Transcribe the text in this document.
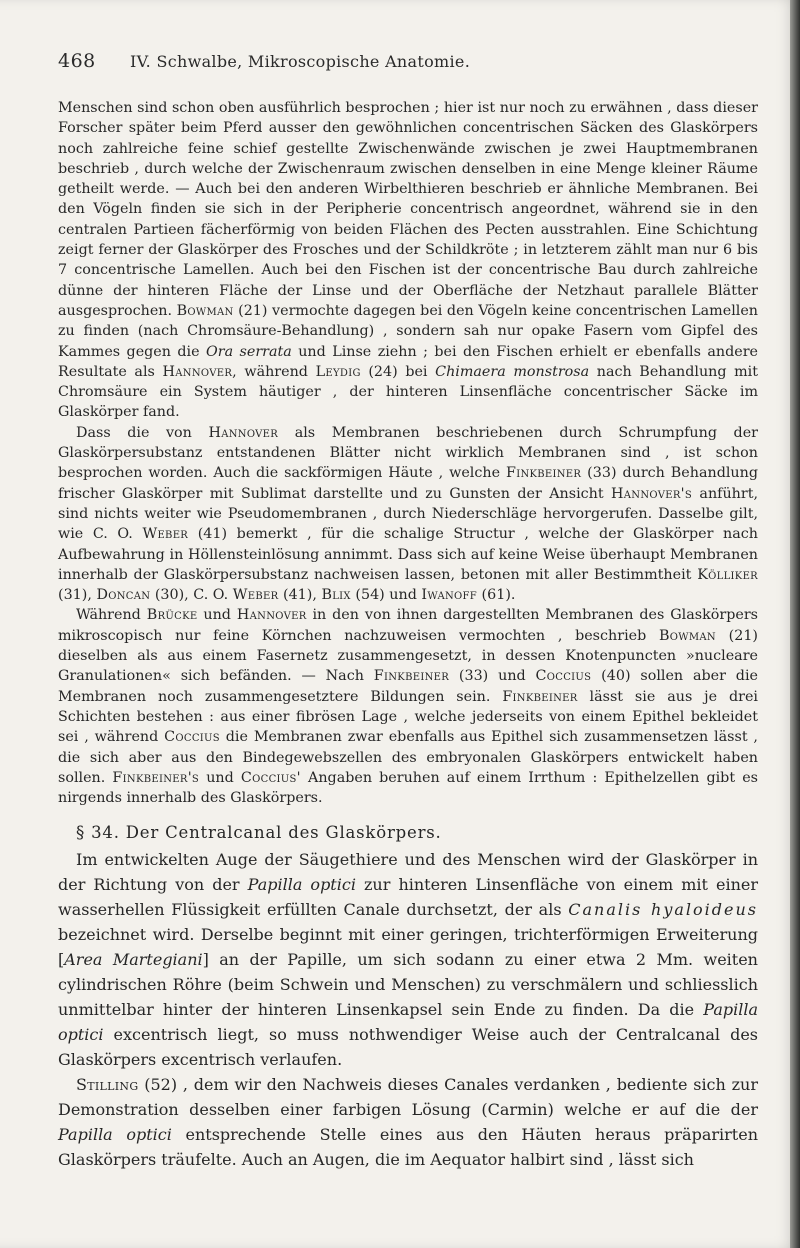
468 IV. Schwalbe, Mikroscopische Anatomie.

Menschen sind schon oben ausführlich besprochen ; hier ist nur noch zu erwähnen , dass dieser Forscher später beim Pferd ausser den gewöhnlichen concentrischen Säcken des Glaskörpers noch zahlreiche feine schief gestellte Zwischenwände zwischen je zwei Hauptmembranen beschrieb , durch welche der Zwischenraum zwischen denselben in eine Menge kleiner Räume getheilt werde. — Auch bei den anderen Wirbelthieren beschrieb er ähnliche Membranen. Bei den Vögeln finden sie sich in der Peripherie concentrisch angeordnet, während sie in den centralen Partieen fächerförmig von beiden Flächen des Pecten ausstrahlen. Eine Schichtung zeigt ferner der Glaskörper des Frosches und der Schildkröte ; in letzterem zählt man nur 6 bis 7 concentrische Lamellen. Auch bei den Fischen ist der concentrische Bau durch zahlreiche dünne der hinteren Fläche der Linse und der Oberfläche der Netzhaut parallele Blätter ausgesprochen. Bowman (21) vermochte dagegen bei den Vögeln keine concentrischen Lamellen zu finden (nach Chromsäure-Behandlung) , sondern sah nur opake Fasern vom Gipfel des Kammes gegen die Ora serrata und Linse ziehn ; bei den Fischen erhielt er ebenfalls andere Resultate als Hannover, während Leydig (24) bei Chimaera monstrosa nach Behandlung mit Chromsäure ein System häutiger , der hinteren Linsenfläche concentrischer Säcke im Glaskörper fand.

Dass die von Hannover als Membranen beschriebenen durch Schrumpfung der Glaskörpersubstanz entstandenen Blätter nicht wirklich Membranen sind , ist schon besprochen worden. Auch die sackförmigen Häute , welche Finkbeiner (33) durch Behandlung frischer Glaskörper mit Sublimat darstellte und zu Gunsten der Ansicht Hannover's anführt, sind nichts weiter wie Pseudomembranen , durch Niederschläge hervorgerufen. Dasselbe gilt, wie C. O. Weber (41) bemerkt , für die schalige Structur , welche der Glaskörper nach Aufbewahrung in Höllensteinlösung annimmt. Dass sich auf keine Weise überhaupt Membranen innerhalb der Glaskörpersubstanz nachweisen lassen, betonen mit aller Bestimmtheit Kölliker (31), Doncan (30), C. O. Weber (41), Blix (54) und Iwanoff (61).

Während Brücke und Hannover in den von ihnen dargestellten Membranen des Glaskörpers mikroscopisch nur feine Körnchen nachzuweisen vermochten , beschrieb Bowman (21) dieselben als aus einem Fasernetz zusammengesetzt, in dessen Knotenpuncten »nucleare Granulationen« sich befänden. — Nach Finkbeiner (33) und Coccius (40) sollen aber die Membranen noch zusammengesetztere Bildungen sein. Finkbeiner lässt sie aus je drei Schichten bestehen : aus einer fibrösen Lage , welche jederseits von einem Epithel bekleidet sei , während Coccius die Membranen zwar ebenfalls aus Epithel sich zusammensetzen lässt , die sich aber aus den Bindegewebszellen des embryonalen Glaskörpers entwickelt haben sollen. Finkbeiner's und Coccius' Angaben beruhen auf einem Irrthum : Epithelzellen gibt es nirgends innerhalb des Glaskörpers.

§ 34. Der Centralcanal des Glaskörpers.

Im entwickelten Auge der Säugethiere und des Menschen wird der Glaskörper in der Richtung von der Papilla optici zur hinteren Linsenfläche von einem mit einer wasserhellen Flüssigkeit erfüllten Canale durchsetzt, der als Canalis hyaloideus bezeichnet wird. Derselbe beginnt mit einer geringen, trichterförmigen Erweiterung [Area Martegiani] an der Papille, um sich sodann zu einer etwa 2 Mm. weiten cylindrischen Röhre (beim Schwein und Menschen) zu verschmälern und schliesslich unmittelbar hinter der hinteren Linsenkapsel sein Ende zu finden. Da die Papilla optici excentrisch liegt, so muss nothwendiger Weise auch der Centralcanal des Glaskörpers excentrisch verlaufen.

Stilling (52) , dem wir den Nachweis dieses Canales verdanken , bediente sich zur Demonstration desselben einer farbigen Lösung (Carmin) welche er auf die der Papilla optici entsprechende Stelle eines aus den Häuten heraus präparirten Glaskörpers träufelte. Auch an Augen, die im Aequator halbirt sind , lässt sich
